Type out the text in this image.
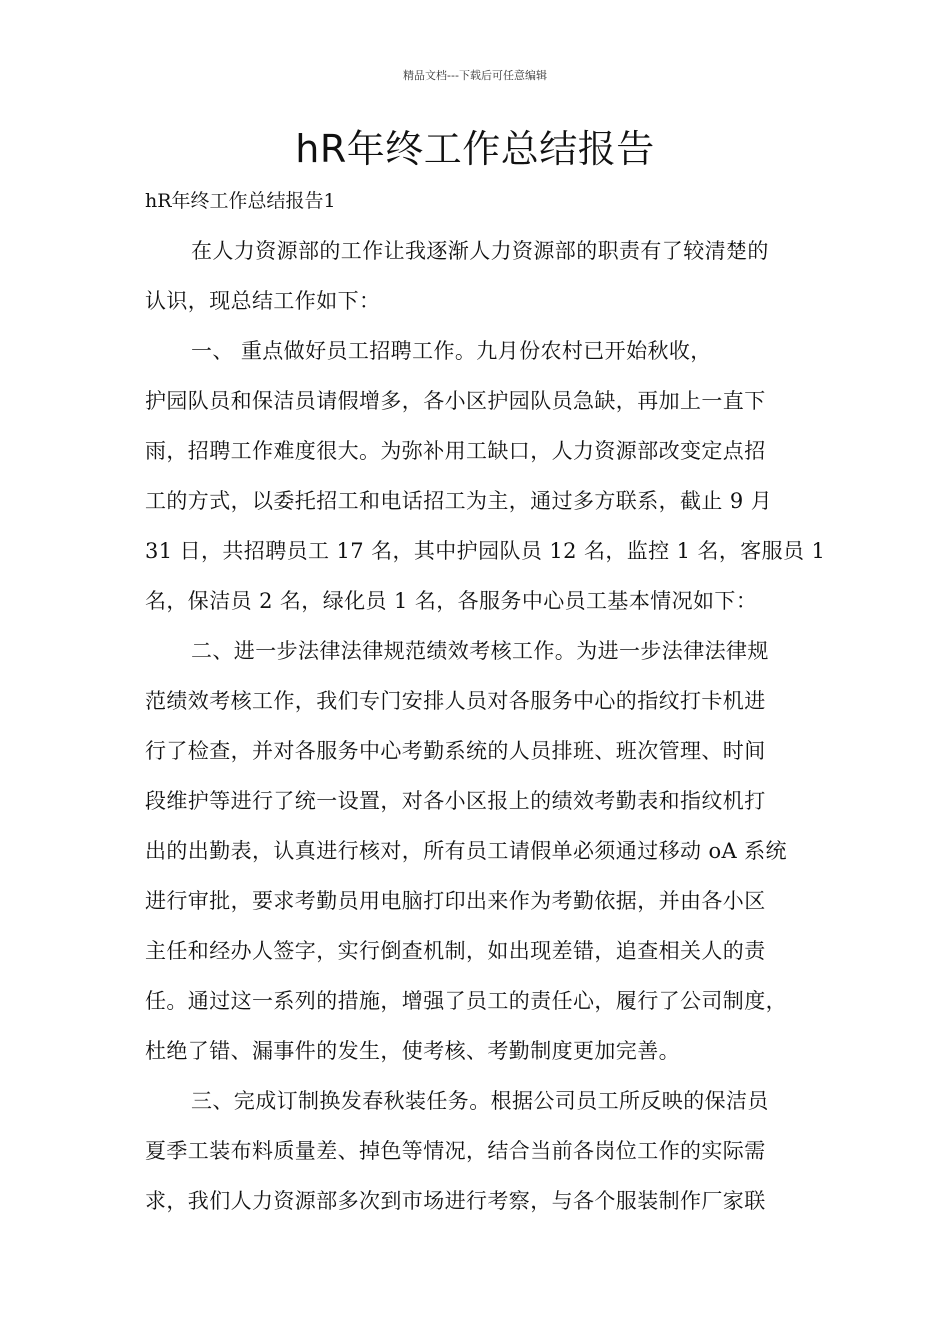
精品文档---下载后可任意编辑
hR年终工作总结报告
hR年终工作总结报告1
在人力资源部的工作让我逐渐人力资源部的职责有了较清楚的
认识，现总结工作如下：
一、 重点做好员工招聘工作。九月份农村已开始秋收，
护园队员和保洁员请假增多，各小区护园队员急缺，再加上一直下
雨，招聘工作难度很大。为弥补用工缺口，人力资源部改变定点招
工的方式，以委托招工和电话招工为主，通过多方联系，截止 9 月
31 日，共招聘员工 17 名，其中护园队员 12 名，监控 1 名，客服员 1
名，保洁员 2 名，绿化员 1 名，各服务中心员工基本情况如下：
二、进一步法律法律规范绩效考核工作。为进一步法律法律规
范绩效考核工作，我们专门安排人员对各服务中心的指纹打卡机进
行了检查，并对各服务中心考勤系统的人员排班、班次管理、时间
段维护等进行了统一设置，对各小区报上的绩效考勤表和指纹机打
出的出勤表，认真进行核对，所有员工请假单必须通过移动 oA 系统
进行审批，要求考勤员用电脑打印出来作为考勤依据，并由各小区
主任和经办人签字，实行倒查机制，如出现差错，追查相关人的责
任。通过这一系列的措施，增强了员工的责任心，履行了公司制度，
杜绝了错、漏事件的发生，使考核、考勤制度更加完善。
三、完成订制换发春秋装任务。根据公司员工所反映的保洁员
夏季工装布料质量差、掉色等情况，结合当前各岗位工作的实际需
求，我们人力资源部多次到市场进行考察，与各个服装制作厂家联
